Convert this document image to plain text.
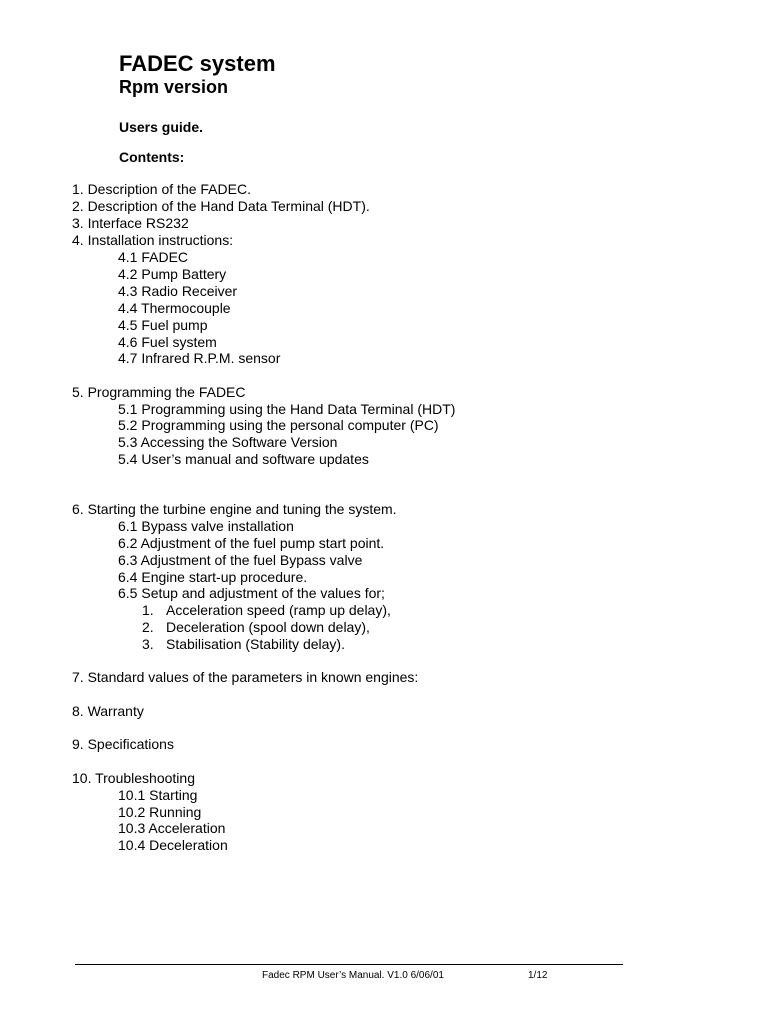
FADEC system
Rpm version
Users guide.
Contents:
1. Description of the FADEC.
2. Description of the Hand Data Terminal (HDT).
3. Interface RS232
4. Installation instructions:
4.1 FADEC
4.2 Pump Battery
4.3 Radio Receiver
4.4 Thermocouple
4.5 Fuel pump
4.6 Fuel system
4.7 Infrared R.P.M. sensor
5. Programming the FADEC
5.1 Programming using the Hand Data Terminal (HDT)
5.2 Programming using the personal computer (PC)
5.3 Accessing the Software Version
5.4 User’s manual and software updates
6. Starting the turbine engine and tuning the system.
6.1 Bypass valve installation
6.2 Adjustment of the fuel pump start point.
6.3 Adjustment of the fuel Bypass valve
6.4 Engine start-up procedure.
6.5 Setup and adjustment of the values for;
1. Acceleration speed (ramp up delay),
2. Deceleration (spool down delay),
3. Stabilisation (Stability delay).
7. Standard values of the parameters in known engines:
8. Warranty
9. Specifications
10. Troubleshooting
10.1 Starting
10.2 Running
10.3 Acceleration
10.4 Deceleration
Fadec RPM User’s Manual. V1.0 6/06/01	1/12
